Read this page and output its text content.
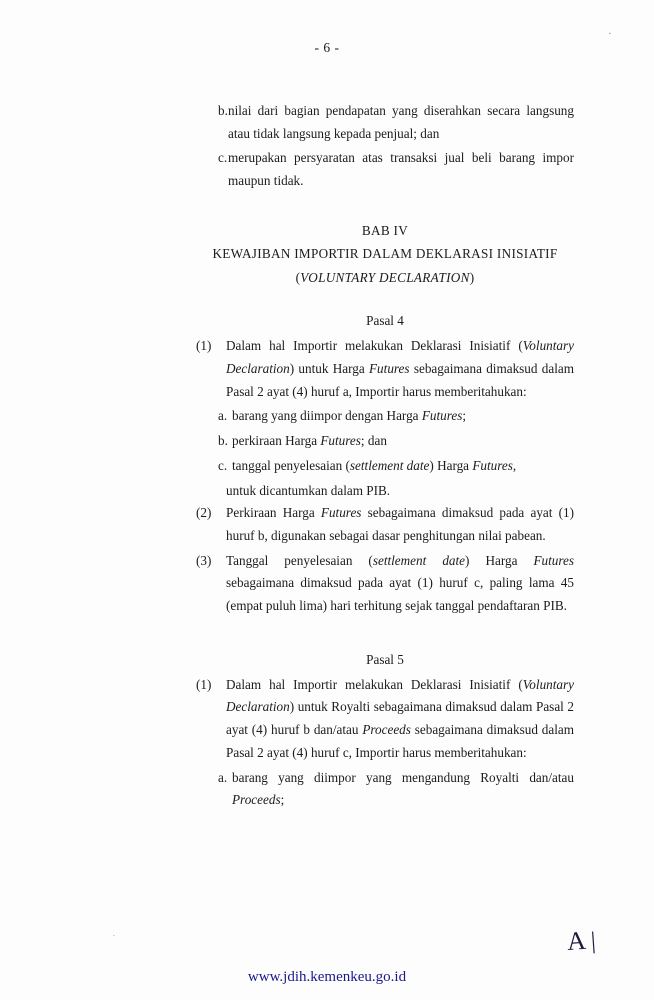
·
·
- 6 -
b. nilai dari bagian pendapatan yang diserahkan secara langsung atau tidak langsung kepada penjual; dan
c. merupakan persyaratan atas transaksi jual beli barang impor maupun tidak.
BAB IV
KEWAJIBAN IMPORTIR DALAM DEKLARASI INISIATIF
(VOLUNTARY DECLARATION)
Pasal 4
(1)	Dalam hal Importir melakukan Deklarasi Inisiatif (Voluntary Declaration) untuk Harga Futures sebagaimana dimaksud dalam Pasal 2 ayat (4) huruf a, Importir harus memberitahukan:
a. barang yang diimpor dengan Harga Futures;
b. perkiraan Harga Futures; dan
c. tanggal penyelesaian (settlement date) Harga Futures,
untuk dicantumkan dalam PIB.
(2)	Perkiraan Harga Futures sebagaimana dimaksud pada ayat (1) huruf b, digunakan sebagai dasar penghitungan nilai pabean.
(3)	Tanggal penyelesaian (settlement date) Harga Futures sebagaimana dimaksud pada ayat (1) huruf c, paling lama 45 (empat puluh lima) hari terhitung sejak tanggal pendaftaran PIB.
Pasal 5
(1)	Dalam hal Importir melakukan Deklarasi Inisiatif (Voluntary Declaration) untuk Royalti sebagaimana dimaksud dalam Pasal 2 ayat (4) huruf b dan/atau Proceeds sebagaimana dimaksud dalam Pasal 2 ayat (4) huruf c, Importir harus memberitahukan:
a. barang yang diimpor yang mengandung Royalti dan/atau Proceeds;
A |
www.jdih.kemenkeu.go.id
